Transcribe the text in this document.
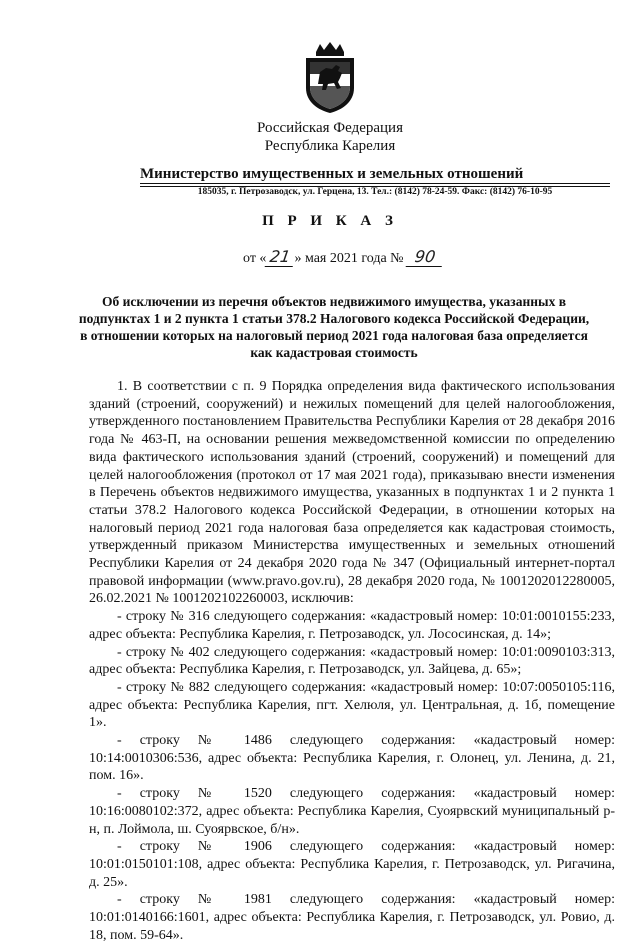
Российская Федерация
Республика Карелия
Министерство имущественных и земельных отношений
185035, г. Петрозаводск, ул. Герцена, 13. Тел.: (8142) 78-24-59. Факс: (8142) 76-10-95
П Р И К А З
от « 21 » мая 2021 года № 90
Об исключении из перечня объектов недвижимого имущества, указанных в подпунктах 1 и 2 пункта 1 статьи 378.2 Налогового кодекса Российской Федерации, в отношении которых на налоговый период 2021 года налоговая база определяется как кадастровая стоимость

1. В соответствии с п. 9 Порядка определения вида фактического использования зданий (строений, сооружений) и нежилых помещений для целей налогообложения, утвержденного постановлением Правительства Республики Карелия от 28 декабря 2016 года № 463-П, на основании решения межведомственной комиссии по определению вида фактического использования зданий (строений, сооружений) и помещений для целей налогообложения (протокол от 17 мая 2021 года), приказываю внести изменения в Перечень объектов недвижимого имущества, указанных в подпунктах 1 и 2 пункта 1 статьи 378.2 Налогового кодекса Российской Федерации, в отношении которых на налоговый период 2021 года налоговая база определяется как кадастровая стоимость, утвержденный приказом Министерства имущественных и земельных отношений Республики Карелия от 24 декабря 2020 года № 347 (Официальный интернет-портал правовой информации (www.pravo.gov.ru), 28 декабря 2020 года, № 1001202012280005, 26.02.2021 № 1001202102260003, исключив:

- строку № 316 следующего содержания: «кадастровый номер: 10:01:0010155:233, адрес объекта: Республика Карелия, г. Петрозаводск, ул. Лососинская, д. 14»;

- строку № 402 следующего содержания: «кадастровый номер: 10:01:0090103:313, адрес объекта: Республика Карелия, г. Петрозаводск, ул. Зайцева, д. 65»;

- строку № 882 следующего содержания: «кадастровый номер: 10:07:0050105:116, адрес объекта: Республика Карелия, пгт. Хелюля, ул. Центральная, д. 1б, помещение 1».

- строку № 1486 следующего содержания: «кадастровый номер: 10:14:0010306:536, адрес объекта: Республика Карелия, г. Олонец, ул. Ленина, д. 21, пом. 16».

- строку № 1520 следующего содержания: «кадастровый номер: 10:16:0080102:372, адрес объекта: Республика Карелия, Суоярвский муниципальный р-н, п. Лоймола, ш. Суоярвское, б/н».

- строку № 1906 следующего содержания: «кадастровый номер: 10:01:0150101:108, адрес объекта: Республика Карелия, г. Петрозаводск, ул. Ригачина, д. 25».

- строку № 1981 следующего содержания: «кадастровый номер: 10:01:0140166:1601, адрес объекта: Республика Карелия, г. Петрозаводск, ул. Ровио, д. 18, пом. 59-64».
